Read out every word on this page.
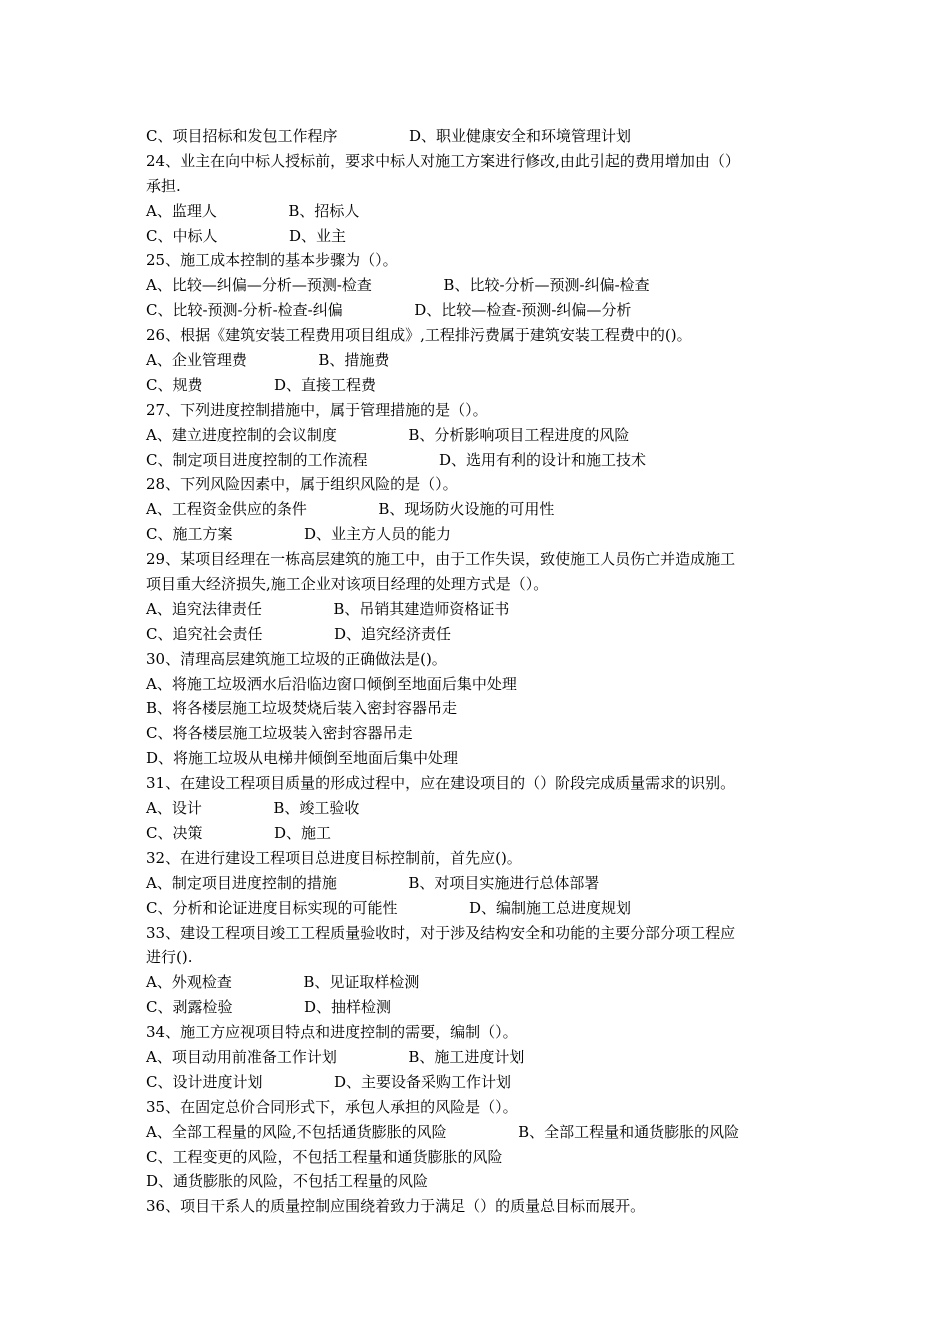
C、项目招标和发包工作程序               D、职业健康安全和环境管理计划
24、业主在向中标人授标前，要求中标人对施工方案进行修改,由此引起的费用增加由（）
承担.
A、监理人               B、招标人
C、中标人               D、业主
25、施工成本控制的基本步骤为（）。
A、比较—纠偏—分析—预测-检查               B、比较-分析—预测-纠偏-检查
C、比较-预测-分析-检查-纠偏               D、比较—检查-预测-纠偏—分析
26、根据《建筑安装工程费用项目组成》,工程排污费属于建筑安装工程费中的()。
A、企业管理费               B、措施费
C、规费               D、直接工程费
27、下列进度控制措施中，属于管理措施的是（）。
A、建立进度控制的会议制度               B、分析影响项目工程进度的风险
C、制定项目进度控制的工作流程               D、选用有利的设计和施工技术
28、下列风险因素中，属于组织风险的是（）。
A、工程资金供应的条件               B、现场防火设施的可用性
C、施工方案               D、业主方人员的能力
29、某项目经理在一栋高层建筑的施工中，由于工作失误，致使施工人员伤亡并造成施工
项目重大经济损失,施工企业对该项目经理的处理方式是（）。
A、追究法律责任               B、吊销其建造师资格证书
C、追究社会责任               D、追究经济责任
30、清理高层建筑施工垃圾的正确做法是()。
A、将施工垃圾洒水后沿临边窗口倾倒至地面后集中处理
B、将各楼层施工垃圾焚烧后装入密封容器吊走
C、将各楼层施工垃圾装入密封容器吊走
D、将施工垃圾从电梯井倾倒至地面后集中处理
31、在建设工程项目质量的形成过程中，应在建设项目的（）阶段完成质量需求的识别。
A、设计               B、竣工验收
C、决策               D、施工
32、在进行建设工程项目总进度目标控制前，首先应()。
A、制定项目进度控制的措施               B、对项目实施进行总体部署
C、分析和论证进度目标实现的可能性               D、编制施工总进度规划
33、建设工程项目竣工工程质量验收时，对于涉及结构安全和功能的主要分部分项工程应
进行().
A、外观检查               B、见证取样检测
C、剥露检验               D、抽样检测
34、施工方应视项目特点和进度控制的需要，编制（）。
A、项目动用前准备工作计划               B、施工进度计划
C、设计进度计划               D、主要设备采购工作计划
35、在固定总价合同形式下，承包人承担的风险是（）。
A、全部工程量的风险,不包括通货膨胀的风险               B、全部工程量和通货膨胀的风险
C、工程变更的风险，不包括工程量和通货膨胀的风险
D、通货膨胀的风险，不包括工程量的风险
36、项目干系人的质量控制应围绕着致力于满足（）的质量总目标而展开。
